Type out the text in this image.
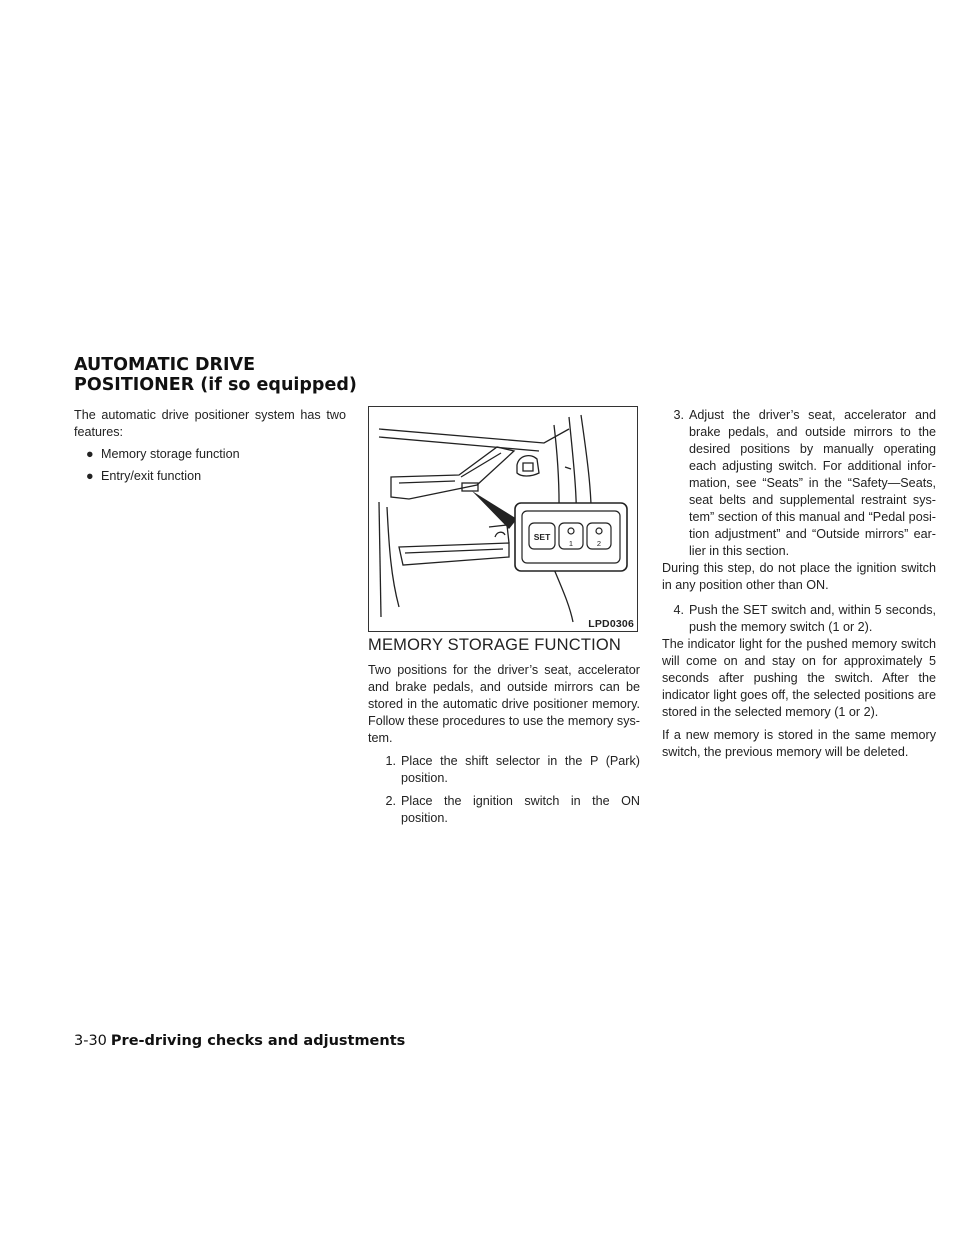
AUTOMATIC DRIVE POSITIONER (if so equipped)

The automatic drive positioner system has two features:

● Memory storage function
● Entry/exit function
SET
1	2
LPD0306
MEMORY STORAGE FUNCTION

Two positions for the driver’s seat, accelerator and brake pedals, and outside mirrors can be stored in the automatic drive positioner memory. Follow these procedures to use the memory system.

1. Place the shift selector in the P (Park) position.
2. Place the ignition switch in the ON position.
3. Adjust the driver’s seat, accelerator and brake pedals, and outside mirrors to the desired positions by manually operating each adjusting switch. For additional information, see “Seats” in the “Safety—Seats, seat belts and supplemental restraint system” section of this manual and “Pedal position adjustment” and “Outside mirrors” earlier in this section.

During this step, do not place the ignition switch in any position other than ON.

4. Push the SET switch and, within 5 seconds, push the memory switch (1 or 2).

The indicator light for the pushed memory switch will come on and stay on for approximately 5 seconds after pushing the switch. After the indicator light goes off, the selected positions are stored in the selected memory (1 or 2).

If a new memory is stored in the same memory switch, the previous memory will be deleted.

3-30 Pre-driving checks and adjustments
